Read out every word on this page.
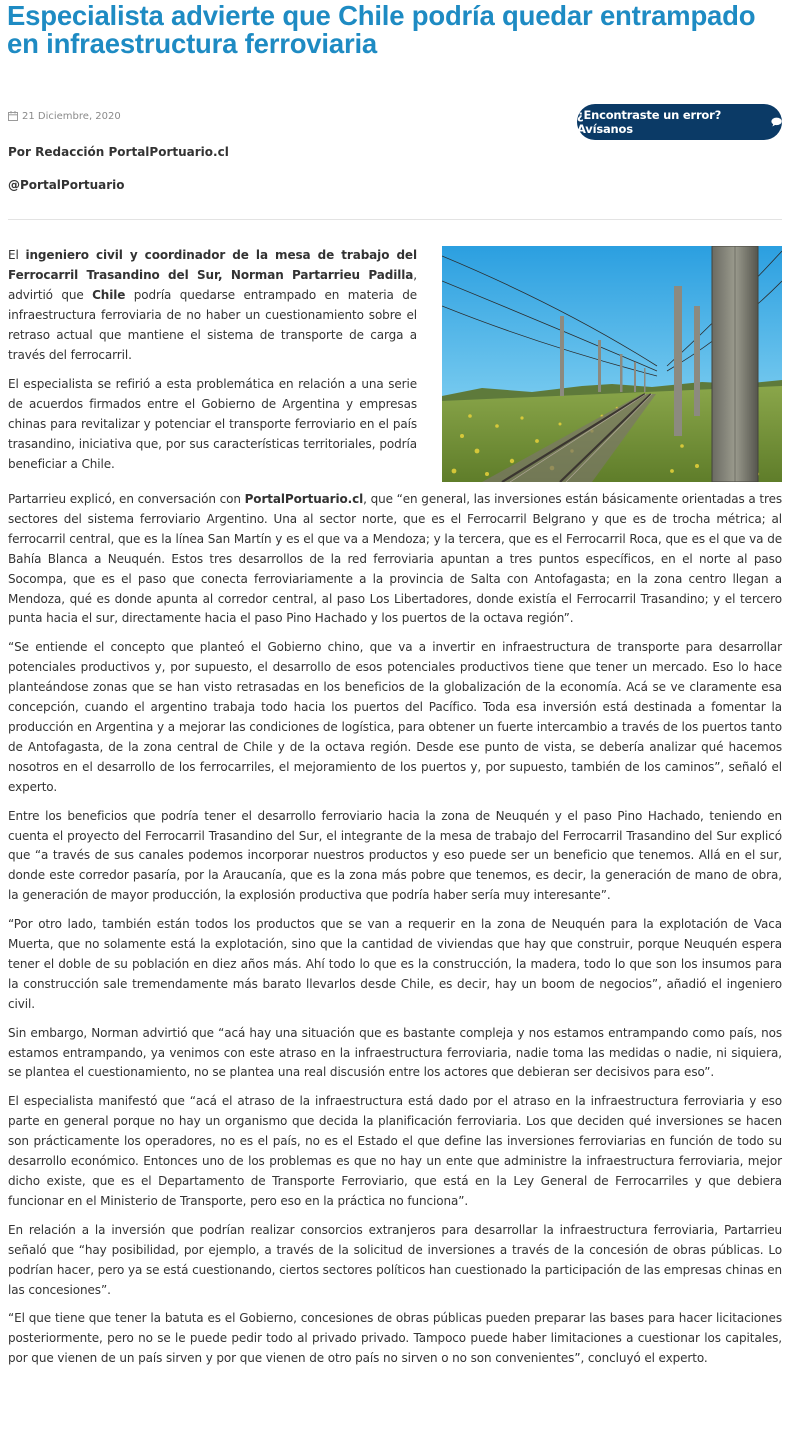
Especialista advierte que Chile podría quedar entrampado en infraestructura ferroviaria
21 Diciembre, 2020	¿Encontraste un error? Avísanos
Por Redacción PortalPortuario.cl
@PortalPortuario

El ingeniero civil y coordinador de la mesa de trabajo del Ferrocarril Trasandino del Sur, Norman Partarrieu Padilla, advirtió que Chile podría quedarse entrampado en materia de infraestructura ferroviaria de no haber un cuestionamiento sobre el retraso actual que mantiene el sistema de transporte de carga a través del ferrocarril.

El especialista se refirió a esta problemática en relación a una serie de acuerdos firmados entre el Gobierno de Argentina y empresas chinas para revitalizar y potenciar el transporte ferroviario en el país trasandino, iniciativa que, por sus características territoriales, podría beneficiar a Chile.

Partarrieu explicó, en conversación con PortalPortuario.cl, que “en general, las inversiones están básicamente orientadas a tres sectores del sistema ferroviario Argentino. Una al sector norte, que es el Ferrocarril Belgrano y que es de trocha métrica; al ferrocarril central, que es la línea San Martín y es el que va a Mendoza; y la tercera, que es el Ferrocarril Roca, que es el que va de Bahía Blanca a Neuquén. Estos tres desarrollos de la red ferroviaria apuntan a tres puntos específicos, en el norte al paso Socompa, que es el paso que conecta ferroviariamente a la provincia de Salta con Antofagasta; en la zona centro llegan a Mendoza, qué es donde apunta al corredor central, al paso Los Libertadores, donde existía el Ferrocarril Trasandino; y el tercero punta hacia el sur, directamente hacia el paso Pino Hachado y los puertos de la octava región”.

“Se entiende el concepto que planteó el Gobierno chino, que va a invertir en infraestructura de transporte para desarrollar potenciales productivos y, por supuesto, el desarrollo de esos potenciales productivos tiene que tener un mercado. Eso lo hace planteándose zonas que se han visto retrasadas en los beneficios de la globalización de la economía. Acá se ve claramente esa concepción, cuando el argentino trabaja todo hacia los puertos del Pacífico. Toda esa inversión está destinada a fomentar la producción en Argentina y a mejorar las condiciones de logística, para obtener un fuerte intercambio a través de los puertos tanto de Antofagasta, de la zona central de Chile y de la octava región. Desde ese punto de vista, se debería analizar qué hacemos nosotros en el desarrollo de los ferrocarriles, el mejoramiento de los puertos y, por supuesto, también de los caminos”, señaló el experto.

Entre los beneficios que podría tener el desarrollo ferroviario hacia la zona de Neuquén y el paso Pino Hachado, teniendo en cuenta el proyecto del Ferrocarril Trasandino del Sur, el integrante de la mesa de trabajo del Ferrocarril Trasandino del Sur explicó que “a través de sus canales podemos incorporar nuestros productos y eso puede ser un beneficio que tenemos. Allá en el sur, donde este corredor pasaría, por la Araucanía, que es la zona más pobre que tenemos, es decir, la generación de mano de obra, la generación de mayor producción, la explosión productiva que podría haber sería muy interesante”.

“Por otro lado, también están todos los productos que se van a requerir en la zona de Neuquén para la explotación de Vaca Muerta, que no solamente está la explotación, sino que la cantidad de viviendas que hay que construir, porque Neuquén espera tener el doble de su población en diez años más. Ahí todo lo que es la construcción, la madera, todo lo que son los insumos para la construcción sale tremendamente más barato llevarlos desde Chile, es decir, hay un boom de negocios”, añadió el ingeniero civil.

Sin embargo, Norman advirtió que “acá hay una situación que es bastante compleja y nos estamos entrampando como país, nos estamos entrampando, ya venimos con este atraso en la infraestructura ferroviaria, nadie toma las medidas o nadie, ni siquiera, se plantea el cuestionamiento, no se plantea una real discusión entre los actores que debieran ser decisivos para eso”.

El especialista manifestó que “acá el atraso de la infraestructura está dado por el atraso en la infraestructura ferroviaria y eso parte en general porque no hay un organismo que decida la planificación ferroviaria. Los que deciden qué inversiones se hacen son prácticamente los operadores, no es el país, no es el Estado el que define las inversiones ferroviarias en función de todo su desarrollo económico. Entonces uno de los problemas es que no hay un ente que administre la infraestructura ferroviaria, mejor dicho existe, que es el Departamento de Transporte Ferroviario, que está en la Ley General de Ferrocarriles y que debiera funcionar en el Ministerio de Transporte, pero eso en la práctica no funciona”.

En relación a la inversión que podrían realizar consorcios extranjeros para desarrollar la infraestructura ferroviaria, Partarrieu señaló que “hay posibilidad, por ejemplo, a través de la solicitud de inversiones a través de la concesión de obras públicas. Lo podrían hacer, pero ya se está cuestionando, ciertos sectores políticos han cuestionado la participación de las empresas chinas en las concesiones”.

“El que tiene que tener la batuta es el Gobierno, concesiones de obras públicas pueden preparar las bases para hacer licitaciones posteriormente, pero no se le puede pedir todo al privado privado. Tampoco puede haber limitaciones a cuestionar los capitales, por que vienen de un país sirven y por que vienen de otro país no sirven o no son convenientes”, concluyó el experto.
